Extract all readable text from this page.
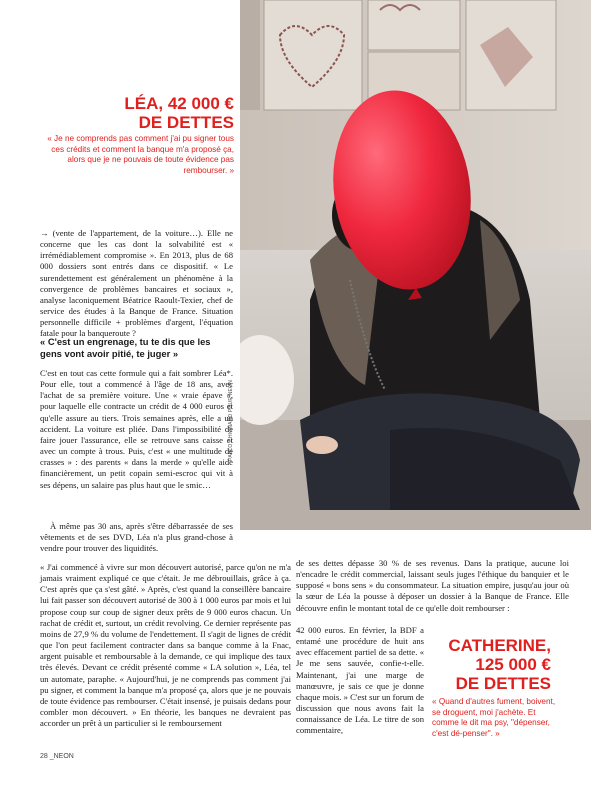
PABLO CHIGNARD POUR NEON
LÉA, 42 000 €
DE DETTES
« Je ne comprends pas comment j'ai pu signer tous ces crédits et comment la banque m'a proposé ça, alors que je ne pouvais de toute évidence pas rembourser. »

→ (vente de l'appartement, de la voiture…). Elle ne concerne que les cas dont la solvabilité est « irrémédiablement compromise ». En 2013, plus de 68 000 dossiers sont entrés dans ce dispositif. « Le surendettement est généralement un phénomène à la convergence de problèmes bancaires et sociaux », analyse laconiquement Béatrice Raoult-Texier, chef de service des études à la Banque de France. Situation personnelle difficile + problèmes d'argent, l'équation fatale pour la banqueroute ?

« C'est un engrenage, tu te dis que les gens vont avoir pitié, te juger »

C'est en tout cas cette formule qui a fait sombrer Léa*. Pour elle, tout a commencé à l'âge de 18 ans, avec l'achat de sa première voiture. Une « vraie épave », pour laquelle elle contracte un crédit de 4 000 euros et qu'elle assure au tiers. Trois semaines après, elle a un accident. La voiture est pliée. Dans l'impossibilité de faire jouer l'assurance, elle se retrouve sans caisse et avec un compte à trous. Puis, c'est « une multitude de crasses » : des parents « dans la merde » qu'elle aide financièrement, un petit copain semi-escroc qui vit à ses dépens, un salaire pas plus haut que le smic…

À même pas 30 ans, après s'être débarrassée de ses vêtements et de ses DVD, Léa n'a plus grand-chose à vendre pour trouver des liquidités.

« J'ai commencé à vivre sur mon découvert autorisé, parce qu'on ne m'a jamais vraiment expliqué ce que c'était. Je me débrouillais, grâce à ça. C'est après que ça s'est gâté. » Après, c'est quand la conseillère bancaire lui fait passer son découvert autorisé de 300 à 1 000 euros par mois et lui propose coup sur coup de signer deux prêts de 9 000 euros chacun. Un rachat de crédit et, surtout, un crédit revolving. Ce dernier représente pas moins de 27,9 % du volume de l'endettement. Il s'agit de lignes de crédit que l'on peut facilement contracter dans sa banque comme à la Fnac, argent puisable et remboursable à la demande, ce qui implique des taux très élevés. Devant ce crédit présenté comme « LA solution », Léa, tel un automate, paraphe. « Aujourd'hui, je ne comprends pas comment j'ai pu signer, et comment la banque m'a proposé ça, alors que je ne pouvais de toute évidence pas rembourser. C'était insensé, je puisais dedans pour combler mon découvert. » En théorie, les banques ne devraient pas accorder un prêt à un particulier si le remboursement

de ses dettes dépasse 30 % de ses revenus. Dans la pratique, aucune loi n'encadre le crédit commercial, laissant seuls juges l'éthique du banquier et le supposé « bons sens » du consommateur. La situation empire, jusqu'au jour où la sœur de Léa la pousse à déposer un dossier à la Banque de France. Elle découvre enfin le montant total de ce qu'elle doit rembourser :

42 000 euros. En février, la BDF a entamé une procédure de huit ans avec effacement partiel de sa dette. « Je me sens sauvée, confie-t-elle. Maintenant, j'ai une marge de manœuvre, je sais ce que je donne chaque mois. » C'est sur un forum de discussion que nous avons fait la connaissance de Léa. Le titre de son commentaire,

CATHERINE,
125 000 €
DE DETTES
« Quand d'autres fument, boivent, se droguent, moi j'achète. Et comme le dit ma psy, "dépenser, c'est dé-penser". »
28 _NEON
